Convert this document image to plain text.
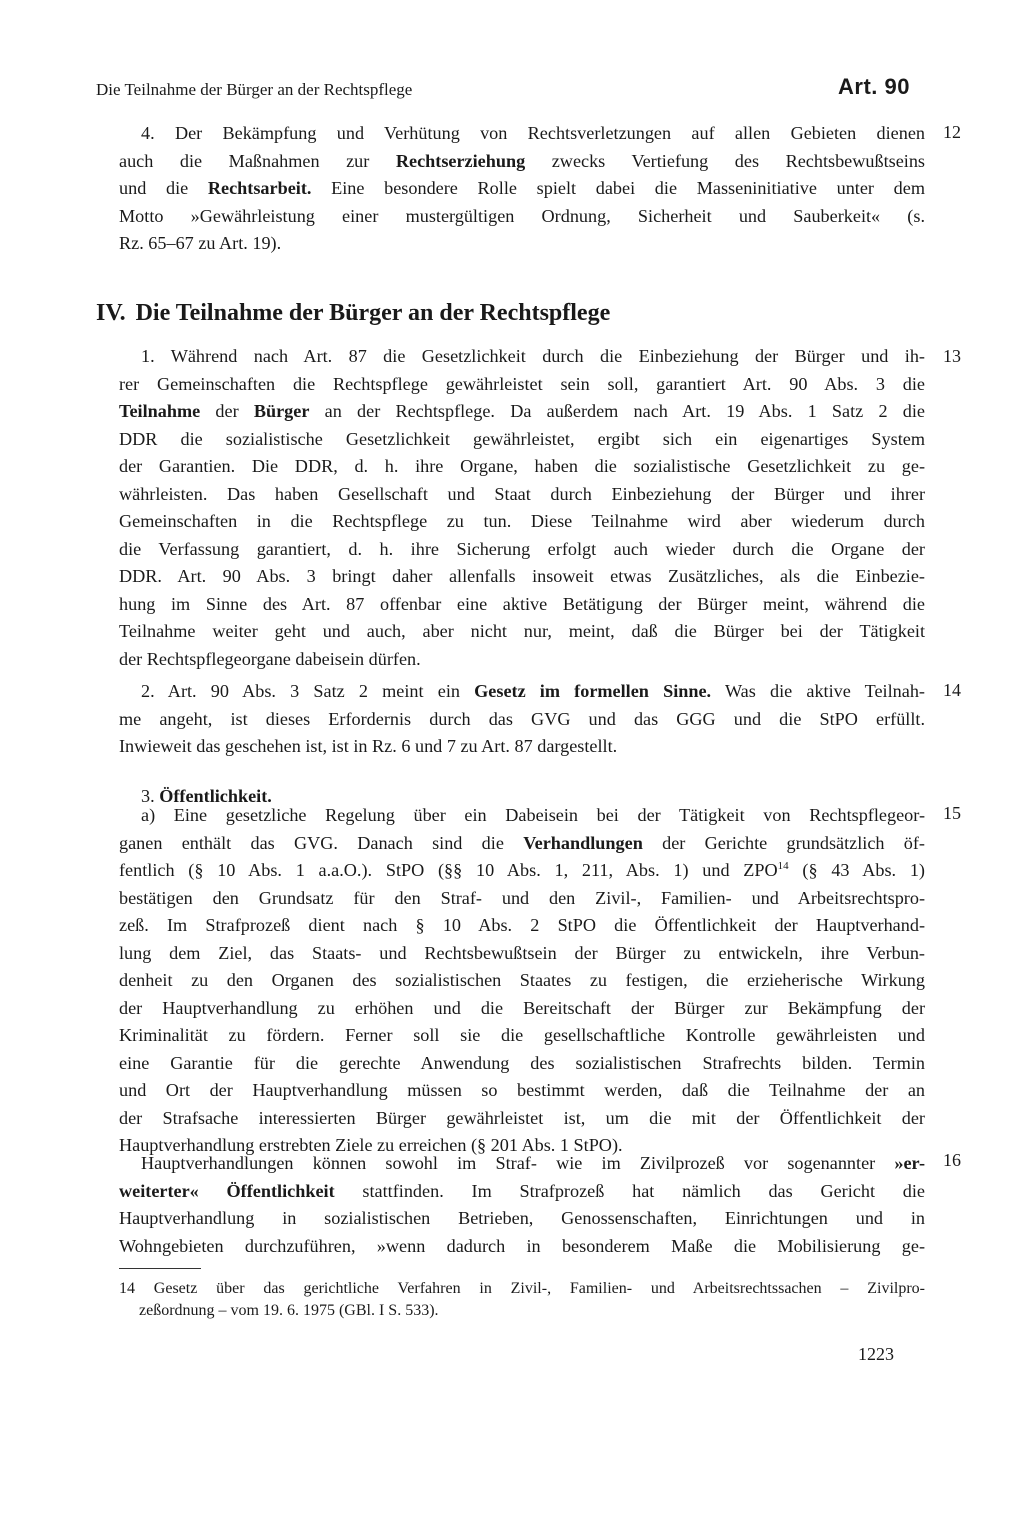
Die Teilnahme der Bürger an der Rechtspflege	Art. 90
12

4. Der Bekämpfung und Verhütung von Rechtsverletzungen auf allen Gebieten dienen
auch die Maßnahmen zur Rechtserziehung zwecks Vertiefung des Rechtsbewußtseins
und die Rechtsarbeit. Eine besondere Rolle spielt dabei die Masseninitiative unter dem
Motto »Gewährleistung einer mustergültigen Ordnung, Sicherheit und Sauberkeit« (s.
Rz. 65–67 zu Art. 19).

IV. Die Teilnahme der Bürger an der Rechtspflege
13

1. Während nach Art. 87 die Gesetzlichkeit durch die Einbeziehung der Bürger und ih-
rer Gemeinschaften die Rechtspflege gewährleistet sein soll, garantiert Art. 90 Abs. 3 die
Teilnahme der Bürger an der Rechtspflege. Da außerdem nach Art. 19 Abs. 1 Satz 2 die
DDR die sozialistische Gesetzlichkeit gewährleistet, ergibt sich ein eigenartiges System
der Garantien. Die DDR, d. h. ihre Organe, haben die sozialistische Gesetzlichkeit zu ge-
währleisten. Das haben Gesellschaft und Staat durch Einbeziehung der Bürger und ihrer
Gemeinschaften in die Rechtspflege zu tun. Diese Teilnahme wird aber wiederum durch
die Verfassung garantiert, d. h. ihre Sicherung erfolgt auch wieder durch die Organe der
DDR. Art. 90 Abs. 3 bringt daher allenfalls insoweit etwas Zusätzliches, als die Einbezie-
hung im Sinne des Art. 87 offenbar eine aktive Betätigung der Bürger meint, während die
Teilnahme weiter geht und auch, aber nicht nur, meint, daß die Bürger bei der Tätigkeit
der Rechtspflegeorgane dabeisein dürfen.

14

2. Art. 90 Abs. 3 Satz 2 meint ein Gesetz im formellen Sinne. Was die aktive Teilnah-
me angeht, ist dieses Erfordernis durch das GVG und das GGG und die StPO erfüllt.
Inwieweit das geschehen ist, ist in Rz. 6 und 7 zu Art. 87 dargestellt.

3. Öffentlichkeit.

15

a) Eine gesetzliche Regelung über ein Dabeisein bei der Tätigkeit von Rechtspflegeor-
ganen enthält das GVG. Danach sind die Verhandlungen der Gerichte grundsätzlich öf-
fentlich (§ 10 Abs. 1 a.a.O.). StPO (§§ 10 Abs. 1, 211, Abs. 1) und ZPO$^{14}$ (§ 43 Abs. 1)
bestätigen den Grundsatz für den Straf- und den Zivil-, Familien- und Arbeitsrechtspro-
zeß. Im Strafprozeß dient nach § 10 Abs. 2 StPO die Öffentlichkeit der Hauptverhand-
lung dem Ziel, das Staats- und Rechtsbewußtsein der Bürger zu entwickeln, ihre Verbun-
denheit zu den Organen des sozialistischen Staates zu festigen, die erzieherische Wirkung
der Hauptverhandlung zu erhöhen und die Bereitschaft der Bürger zur Bekämpfung der
Kriminalität zu fördern. Ferner soll sie die gesellschaftliche Kontrolle gewährleisten und
eine Garantie für die gerechte Anwendung des sozialistischen Strafrechts bilden. Termin
und Ort der Hauptverhandlung müssen so bestimmt werden, daß die Teilnahme der an
der Strafsache interessierten Bürger gewährleistet ist, um die mit der Öffentlichkeit der
Hauptverhandlung erstrebten Ziele zu erreichen (§ 201 Abs. 1 StPO).

16

Hauptverhandlungen können sowohl im Straf- wie im Zivilprozeß vor sogenannter »er-
weiterter« Öffentlichkeit stattfinden. Im Strafprozeß hat nämlich das Gericht die
Hauptverhandlung in sozialistischen Betrieben, Genossenschaften, Einrichtungen und in
Wohngebieten durchzuführen, »wenn dadurch in besonderem Maße die Mobilisierung ge-

14 Gesetz über das gerichtliche Verfahren in Zivil-, Familien- und Arbeitsrechtssachen – Zivilpro-
zeßordnung – vom 19. 6. 1975 (GBl. I S. 533).
1223
